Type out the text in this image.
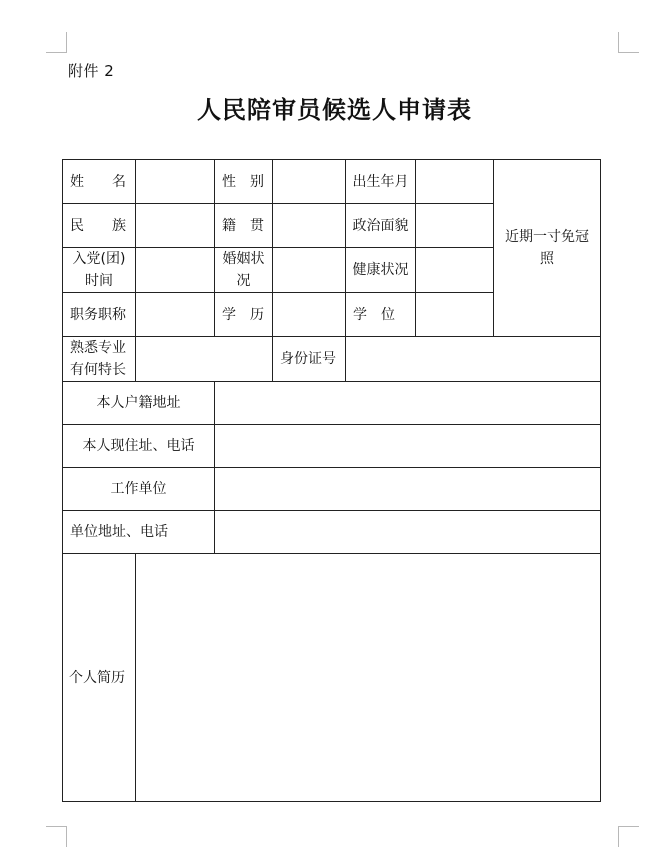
附件 2
人民陪审员候选人申请表
姓　　名		性　别		出生年月		近期一寸免冠照
民　　族		籍　贯		政治面貌		
入党(团)时间		婚姻状况		健康状况		
职务职称		学　历		学　位		
熟悉专业有何特长			身份证号			
本人户籍地址						
本人现住址、电话						
工作单位						
单位地址、电话						
个人简历						
